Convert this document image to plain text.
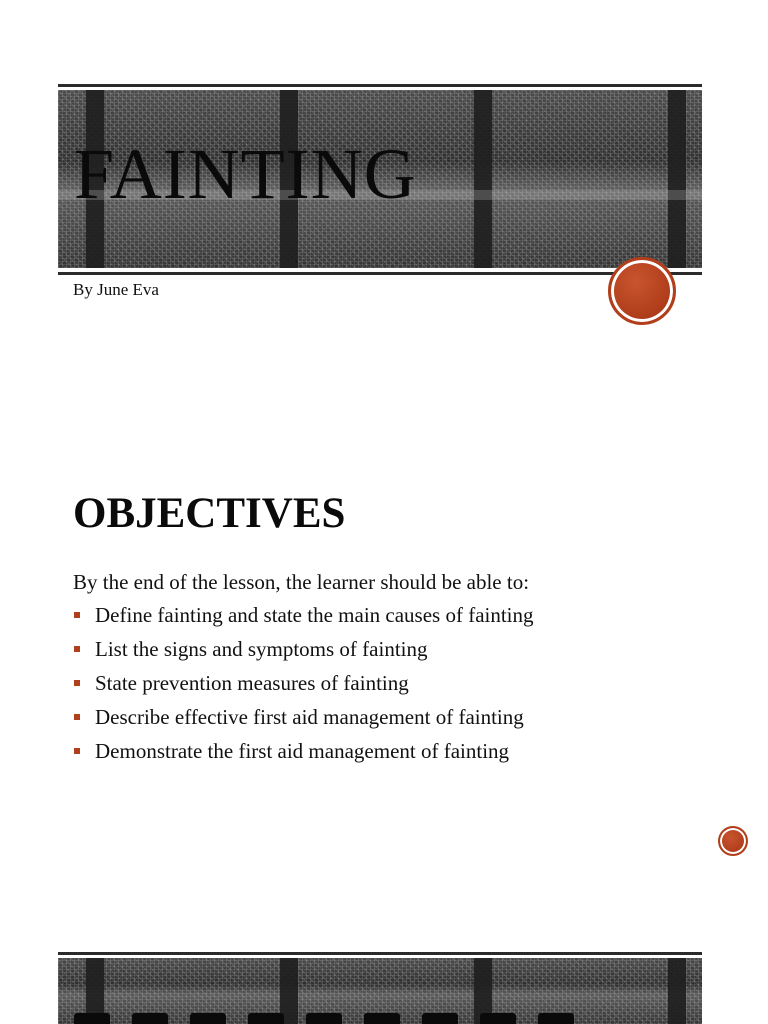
FAINTING
By June Eva
OBJECTIVES
By the end of the lesson, the learner should be able to:
Define fainting and state the main causes of fainting
List the signs and symptoms of fainting
State prevention measures of fainting
Describe effective first aid management of fainting
Demonstrate the first aid management of fainting
